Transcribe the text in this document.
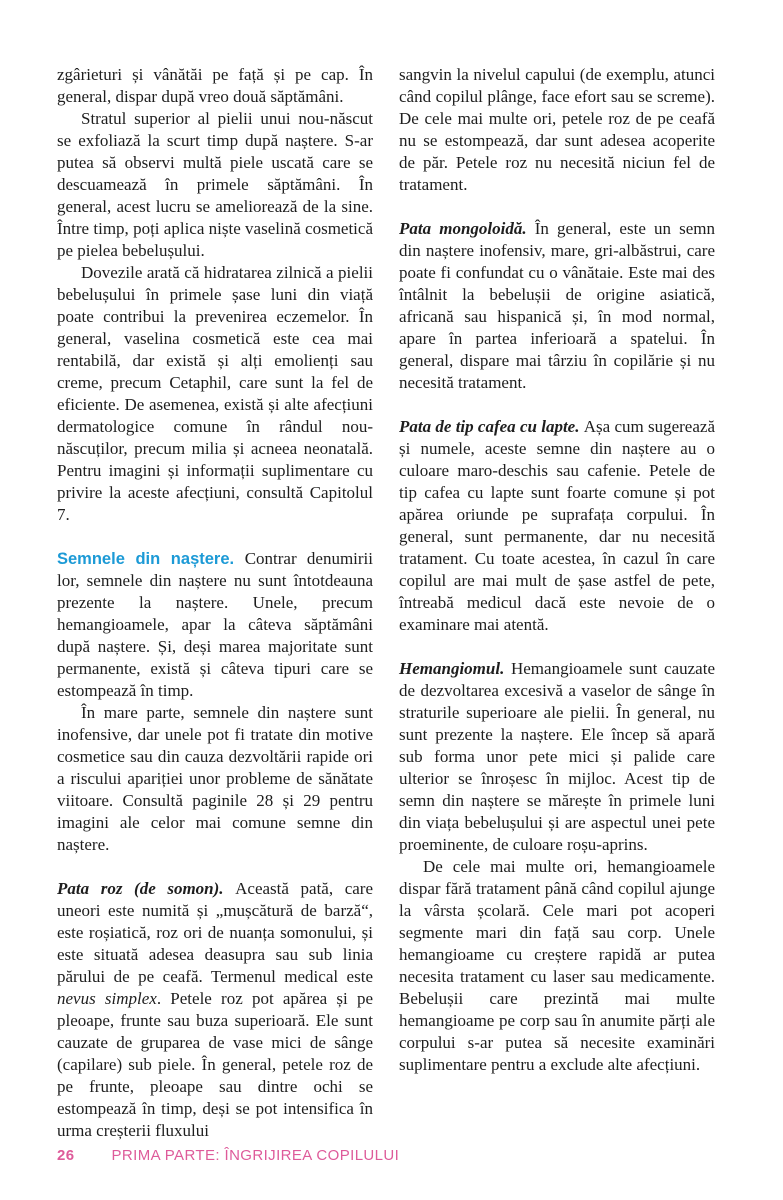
zgârieturi și vânătăi pe față și pe cap. În general, dispar după vreo două săptămâni.

Stratul superior al pielii unui nou-născut se exfoliază la scurt timp după naștere. S-ar putea să observi multă piele uscată care se descuamează în primele săptămâni. În general, acest lucru se ameliorează de la sine. Între timp, poți aplica niște vaselină cosmetică pe pielea bebelușului.

Dovezile arată că hidratarea zilnică a pielii bebelușului în primele șase luni din viață poate contribui la prevenirea eczemelor. În general, vaselina cosmetică este cea mai rentabilă, dar există și alți emolienți sau creme, precum Cetaphil, care sunt la fel de eficiente. De asemenea, există și alte afecțiuni dermatologice comune în rândul nou-născuților, precum milia și acneea neonatală. Pentru imagini și informații suplimentare cu privire la aceste afecțiuni, consultă Capitolul 7.

Semnele din naștere. Contrar denumirii lor, semnele din naștere nu sunt întotdeauna prezente la naștere. Unele, precum hemangioamele, apar la câteva săptămâni după naștere. Și, deși marea majoritate sunt permanente, există și câteva tipuri care se estompează în timp.

În mare parte, semnele din naștere sunt inofensive, dar unele pot fi tratate din motive cosmetice sau din cauza dezvoltării rapide ori a riscului apariției unor probleme de sănătate viitoare. Consultă paginile 28 și 29 pentru imagini ale celor mai comune semne din naștere.

Pata roz (de somon). Această pată, care uneori este numită și „mușcătură de barză“, este roșiatică, roz ori de nuanța somonului, și este situată adesea deasupra sau sub linia părului de pe ceafă. Termenul medical este nevus simplex. Petele roz pot apărea și pe pleoape, frunte sau buza superioară. Ele sunt cauzate de gruparea de vase mici de sânge (capilare) sub piele. În general, petele roz de pe frunte, pleoape sau dintre ochi se estompează în timp, deși se pot intensifica în urma creșterii fluxului

sangvin la nivelul capului (de exemplu, atunci când copilul plânge, face efort sau se screme). De cele mai multe ori, petele roz de pe ceafă nu se estompează, dar sunt adesea acoperite de păr. Petele roz nu necesită niciun fel de tratament.

Pata mongoloidă. În general, este un semn din naștere inofensiv, mare, gri-albăstrui, care poate fi confundat cu o vânătaie. Este mai des întâlnit la bebelușii de origine asiatică, africană sau hispanică și, în mod normal, apare în partea inferioară a spatelui. În general, dispare mai târziu în copilărie și nu necesită tratament.

Pata de tip cafea cu lapte. Așa cum sugerează și numele, aceste semne din naștere au o culoare maro-deschis sau cafenie. Petele de tip cafea cu lapte sunt foarte comune și pot apărea oriunde pe suprafața corpului. În general, sunt permanente, dar nu necesită tratament. Cu toate acestea, în cazul în care copilul are mai mult de șase astfel de pete, întreabă medicul dacă este nevoie de o examinare mai atentă.

Hemangiomul. Hemangioamele sunt cauzate de dezvoltarea excesivă a vaselor de sânge în straturile superioare ale pielii. În general, nu sunt prezente la naștere. Ele încep să apară sub forma unor pete mici și palide care ulterior se înroșesc în mijloc. Acest tip de semn din naștere se mărește în primele luni din viața bebelușului și are aspectul unei pete proeminente, de culoare roșu-aprins.

De cele mai multe ori, hemangioamele dispar fără tratament până când copilul ajunge la vârsta școlară. Cele mari pot acoperi segmente mari din față sau corp. Unele hemangioame cu creștere rapidă ar putea necesita tratament cu laser sau medicamente. Bebelușii care prezintă mai multe hemangioame pe corp sau în anumite părți ale corpului s-ar putea să necesite examinări suplimentare pentru a exclude alte afecțiuni.

26 PRIMA PARTE: ÎNGRIJIREA COPILULUI
